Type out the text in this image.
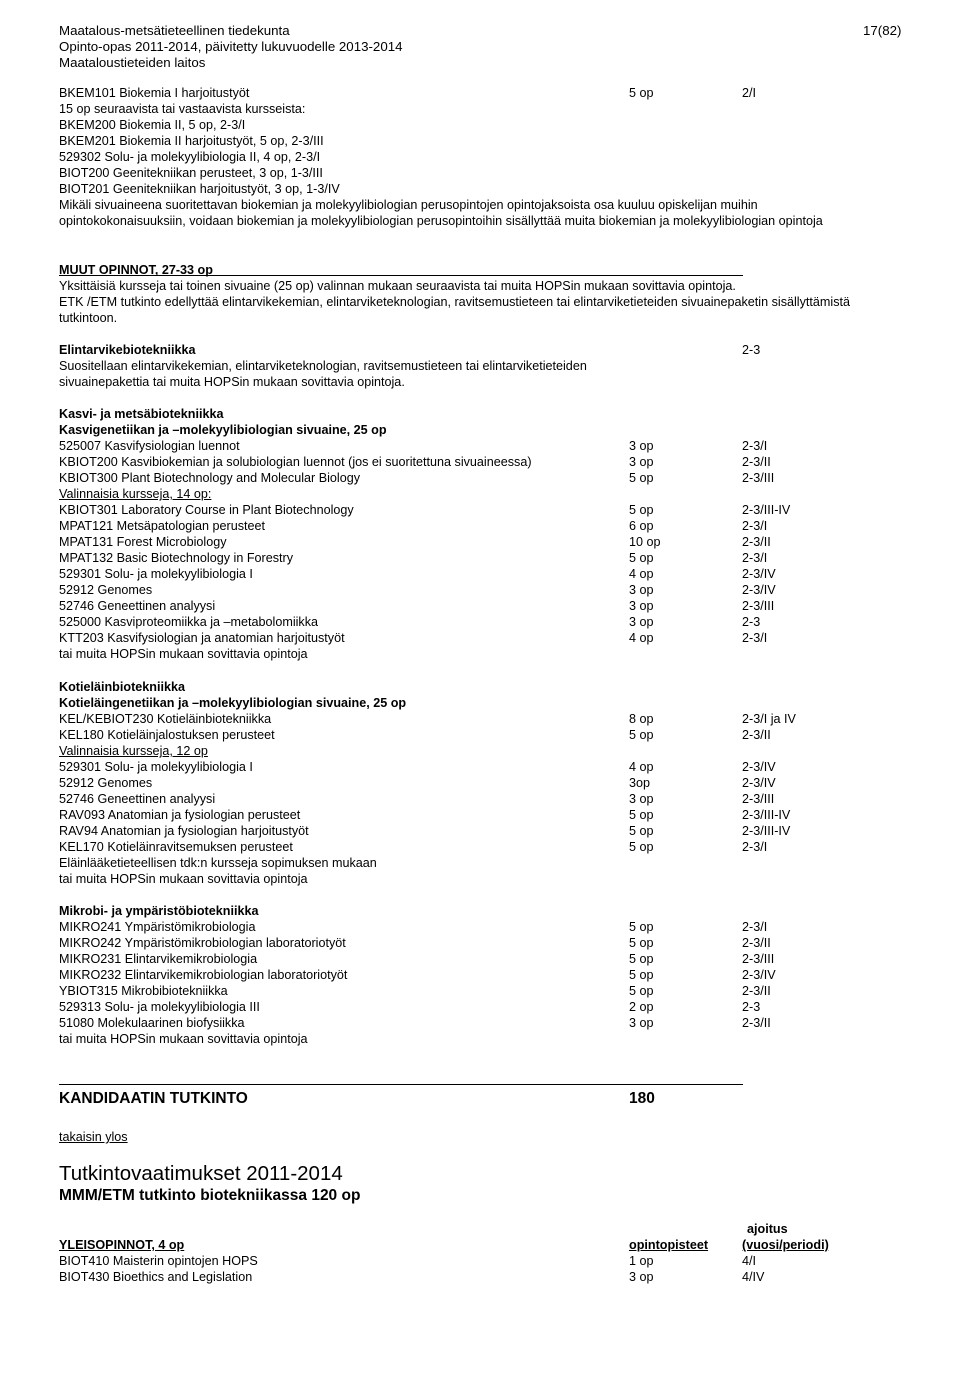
Maatalous-metsätieteellinen tiedekunta
Opinto-opas 2011-2014, päivitetty lukuvuodelle 2013-2014
Maataloustieteiden laitos
17(82)
BKEM101 Biokemia I harjoitustyöt	5 op	2/I
15 op seuraavista tai vastaavista kursseista:
BKEM200 Biokemia II, 5 op, 2-3/I
BKEM201 Biokemia II harjoitustyöt, 5 op, 2-3/III
529302 Solu- ja molekyylibiologia II, 4 op, 2-3/I
BIOT200 Geenitekniikan perusteet, 3 op, 1-3/III
BIOT201 Geenitekniikan harjoitustyöt, 3 op, 1-3/IV
Mikäli sivuaineena suoritettavan biokemian ja molekyylibiologian perusopintojen opintojaksoista osa kuuluu opiskelijan muihin opintokokonaisuuksiin, voidaan biokemian ja molekyylibiologian perusopintoihin sisällyttää muita biokemian ja molekyylibiologian opintoja
MUUT OPINNOT, 27-33 op
Yksittäisiä kursseja tai toinen sivuaine (25 op) valinnan mukaan seuraavista tai muita HOPSin mukaan sovittavia opintoja.
ETK /ETM tutkinto edellyttää elintarvikekemian, elintarviketeknologian, ravitsemustieteen tai elintarviketieteiden sivuainepaketin sisällyttämistä tutkintoon.
Elintarvikebiotekniikka	2-3
Suositellaan elintarvikekemian, elintarviketeknologian, ravitsemustieteen tai elintarviketieteiden sivuainepakettia tai muita HOPSin mukaan sovittavia opintoja.
Kasvi- ja metsäbiotekniikka
Kasvigenetiikan ja –molekyylibiologian sivuaine, 25 op
525007 Kasvifysiologian luennot	3 op	2-3/I
KBIOT200 Kasvibiokemian ja solubiologian luennot (jos ei suoritettuna sivuaineessa)	3 op	2-3/II
KBIOT300 Plant Biotechnology and Molecular Biology	5 op	2-3/III
Valinnaisia kursseja, 14 op:
KBIOT301 Laboratory Course in Plant Biotechnology	5 op	2-3/III-IV
MPAT121 Metsäpatologian perusteet	6 op	2-3/I
MPAT131 Forest Microbiology	10 op	2-3/II
MPAT132 Basic Biotechnology in Forestry	5 op	2-3/I
529301 Solu- ja molekyylibiologia I	4 op	2-3/IV
52912 Genomes	3 op	2-3/IV
52746 Geneettinen analyysi	3 op	2-3/III
525000 Kasviproteomiikka ja –metabolomiikka	3 op	2-3
KTT203 Kasvifysiologian ja anatomian harjoitustyöt	4 op	2-3/I
tai muita HOPSin mukaan sovittavia opintoja
Kotieläinbiotekniikka
Kotieläingenetiikan ja –molekyylibiologian sivuaine, 25 op
KEL/KEBIOT230 Kotieläinbiotekniikka	8 op	2-3/I ja IV
KEL180 Kotieläinjalostuksen perusteet	5 op	2-3/II
Valinnaisia kursseja, 12 op
529301 Solu- ja molekyylibiologia I	4 op	2-3/IV
52912 Genomes	3op	2-3/IV
52746 Geneettinen analyysi	3 op	2-3/III
RAV093 Anatomian ja fysiologian perusteet	5 op	2-3/III-IV
RAV94 Anatomian ja fysiologian harjoitustyöt	5 op	2-3/III-IV
KEL170 Kotieläinravitsemuksen perusteet	5 op	2-3/I
Eläinlääketieteellisen tdk:n kursseja sopimuksen mukaan
tai muita HOPSin mukaan sovittavia opintoja
Mikrobi- ja ympäristöbiotekniikka
MIKRO241 Ympäristömikrobiologia	5 op	2-3/I
MIKRO242 Ympäristömikrobiologian laboratoriotyöt	5 op	2-3/II
MIKRO231 Elintarvikemikrobiologia	5 op	2-3/III
MIKRO232 Elintarvikemikrobiologian laboratoriotyöt	5 op	2-3/IV
YBIOT315 Mikrobibiotekniikka	5 op	2-3/II
529313 Solu- ja molekyylibiologia III	2 op	2-3
51080 Molekulaarinen biofysiikka	3 op	2-3/II
tai muita HOPSin mukaan sovittavia opintoja
KANDIDAATIN TUTKINTO	180
takaisin ylos
Tutkintovaatimukset 2011-2014
MMM/ETM tutkinto biotekniikassa 120 op
ajoitus
YLEISOPINNOT, 4 op	opintopisteet	(vuosi/periodi)
BIOT410 Maisterin opintojen HOPS	1 op	4/I
BIOT430 Bioethics and Legislation	3 op	4/IV
